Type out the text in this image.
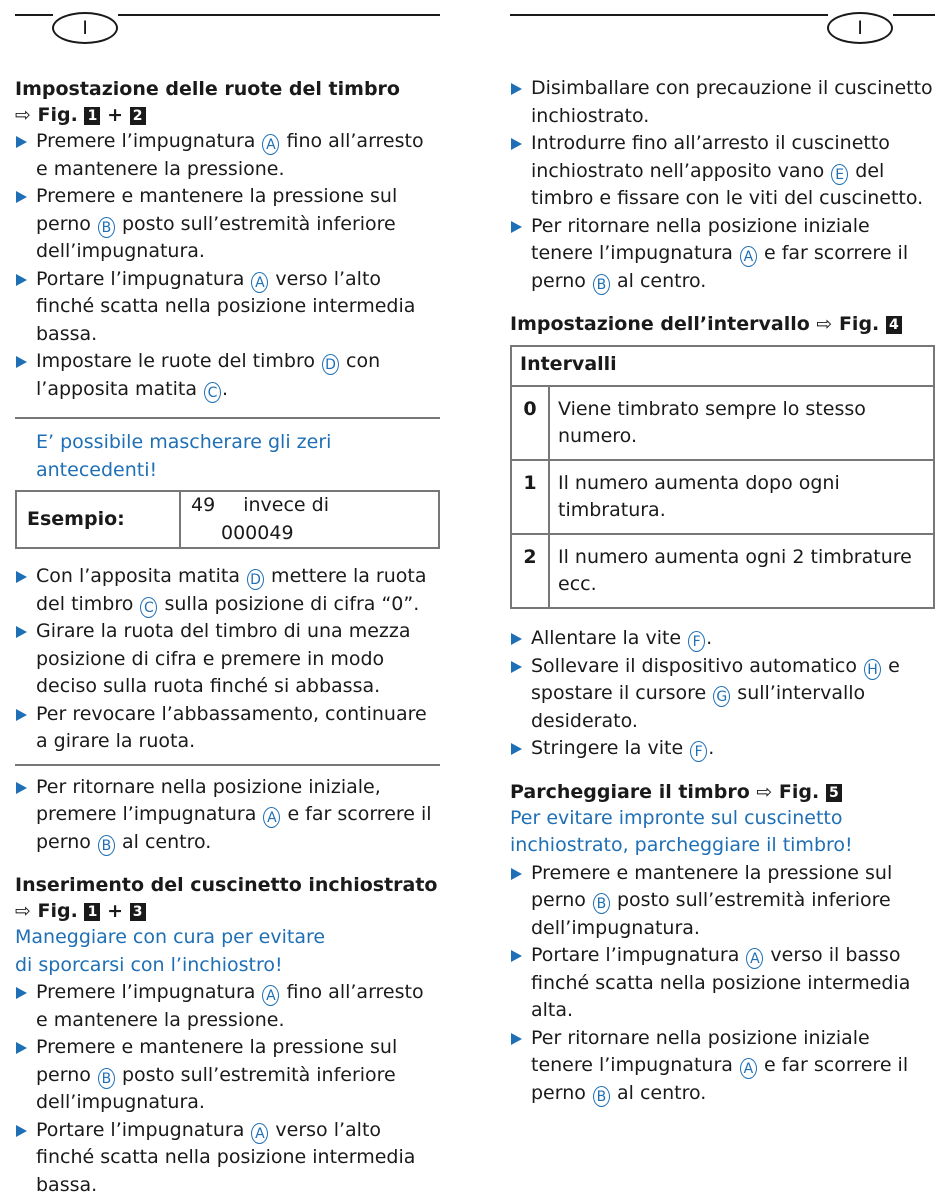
I
Impostazione delle ruote del timbro

⇨ Fig. 1 + 2

Premere l’impugnatura A fino all’arresto e mantenere la pressione.
Premere e mantenere la pressione sul perno B posto sull’estremità inferiore dell’impugnatura.
Portare l’impugnatura A verso l’alto finché scatta nella posizione intermedia bassa.
Impostare le ruote del timbro D con l’apposita matita C .

E’ possibile mascherare gli zeri antecedenti!

Esempio:	49 invece di 000049
Con l’apposita matita D mettere la ruota del timbro C sulla posizione di cifra “0”.
Girare la ruota del timbro di una mezza posizione di cifra e premere in modo deciso sulla ruota finché si abbassa.
Per revocare l’abbassamento, continuare a girare la ruota.
Per ritornare nella posizione iniziale, premere l’impugnatura A e far scorrere il perno B al centro.
Inserimento del cuscinetto inchiostrato

⇨ Fig. 1 + 3

Maneggiare con cura per evitare
di sporcarsi con l’inchiostro!

Premere l’impugnatura A fino all’arresto e mantenere la pressione.
Premere e mantenere la pressione sul perno B posto sull’estremità inferiore dell’impugnatura.
Portare l’impugnatura A verso l’alto finché scatta nella posizione intermedia bassa.
I
Disimballare con precauzione il cuscinetto inchiostrato.
Introdurre fino all’arresto il cuscinetto inchiostrato nell’apposito vano E del timbro e fissare con le viti del cuscinetto.
Per ritornare nella posizione iniziale tenere l’impugnatura A e far scorrere il perno B al centro.
Impostazione dell’intervallo ⇨ Fig. 4
Intervalli	
0	Viene timbrato sempre lo stesso numero.
1	Il numero aumenta dopo ogni timbratura.
2	Il numero aumenta ogni 2 timbrature ecc.
Allentare la vite F .
Sollevare il dispositivo automatico H e spostare il cursore G sull’intervallo desiderato.
Stringere la vite F .
Parcheggiare il timbro ⇨ Fig. 5

Per evitare impronte sul cuscinetto
inchiostrato, parcheggiare il timbro!

Premere e mantenere la pressione sul perno B posto sull’estremità inferiore dell’impugnatura.
Portare l’impugnatura A verso il basso finché scatta nella posizione intermedia alta.
Per ritornare nella posizione iniziale tenere l’impugnatura A e far scorrere il perno B al centro.
